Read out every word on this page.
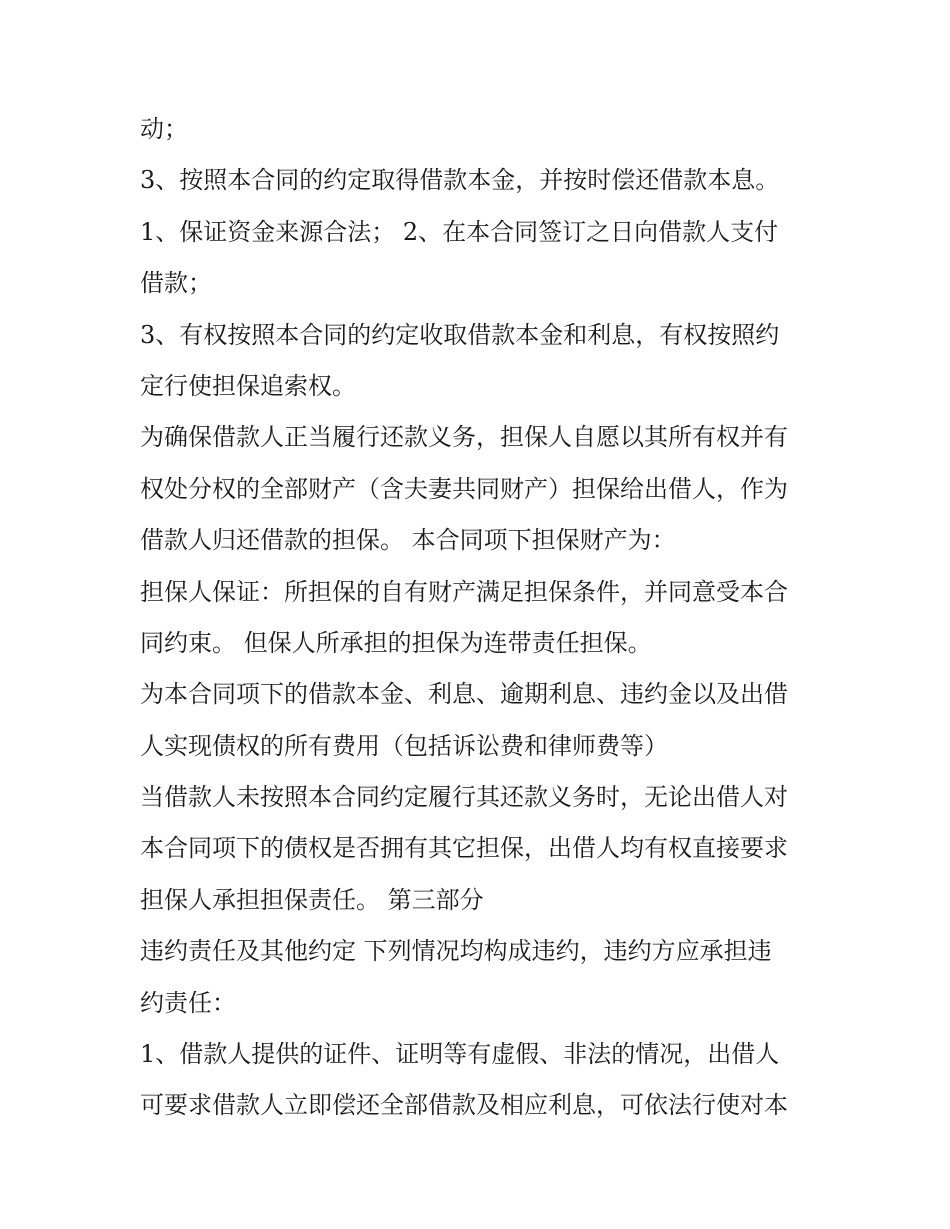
动；
3、按照本合同的约定取得借款本金，并按时偿还借款本息。
1、保证资金来源合法； 2、在本合同签订之日向借款人支付
借款；
3、有权按照本合同的约定收取借款本金和利息，有权按照约
定行使担保追索权。
为确保借款人正当履行还款义务，担保人自愿以其所有权并有
权处分权的全部财产（含夫妻共同财产）担保给出借人，作为
借款人归还借款的担保。 本合同项下担保财产为：
担保人保证：所担保的自有财产满足担保条件，并同意受本合
同约束。 但保人所承担的担保为连带责任担保。
为本合同项下的借款本金、利息、逾期利息、违约金以及出借
人实现债权的所有费用（包括诉讼费和律师费等）
当借款人未按照本合同约定履行其还款义务时，无论出借人对
本合同项下的债权是否拥有其它担保，出借人均有权直接要求
担保人承担担保责任。 第三部分
违约责任及其他约定 下列情况均构成违约，违约方应承担违
约责任：
1、借款人提供的证件、证明等有虚假、非法的情况，出借人
可要求借款人立即偿还全部借款及相应利息，可依法行使对本
